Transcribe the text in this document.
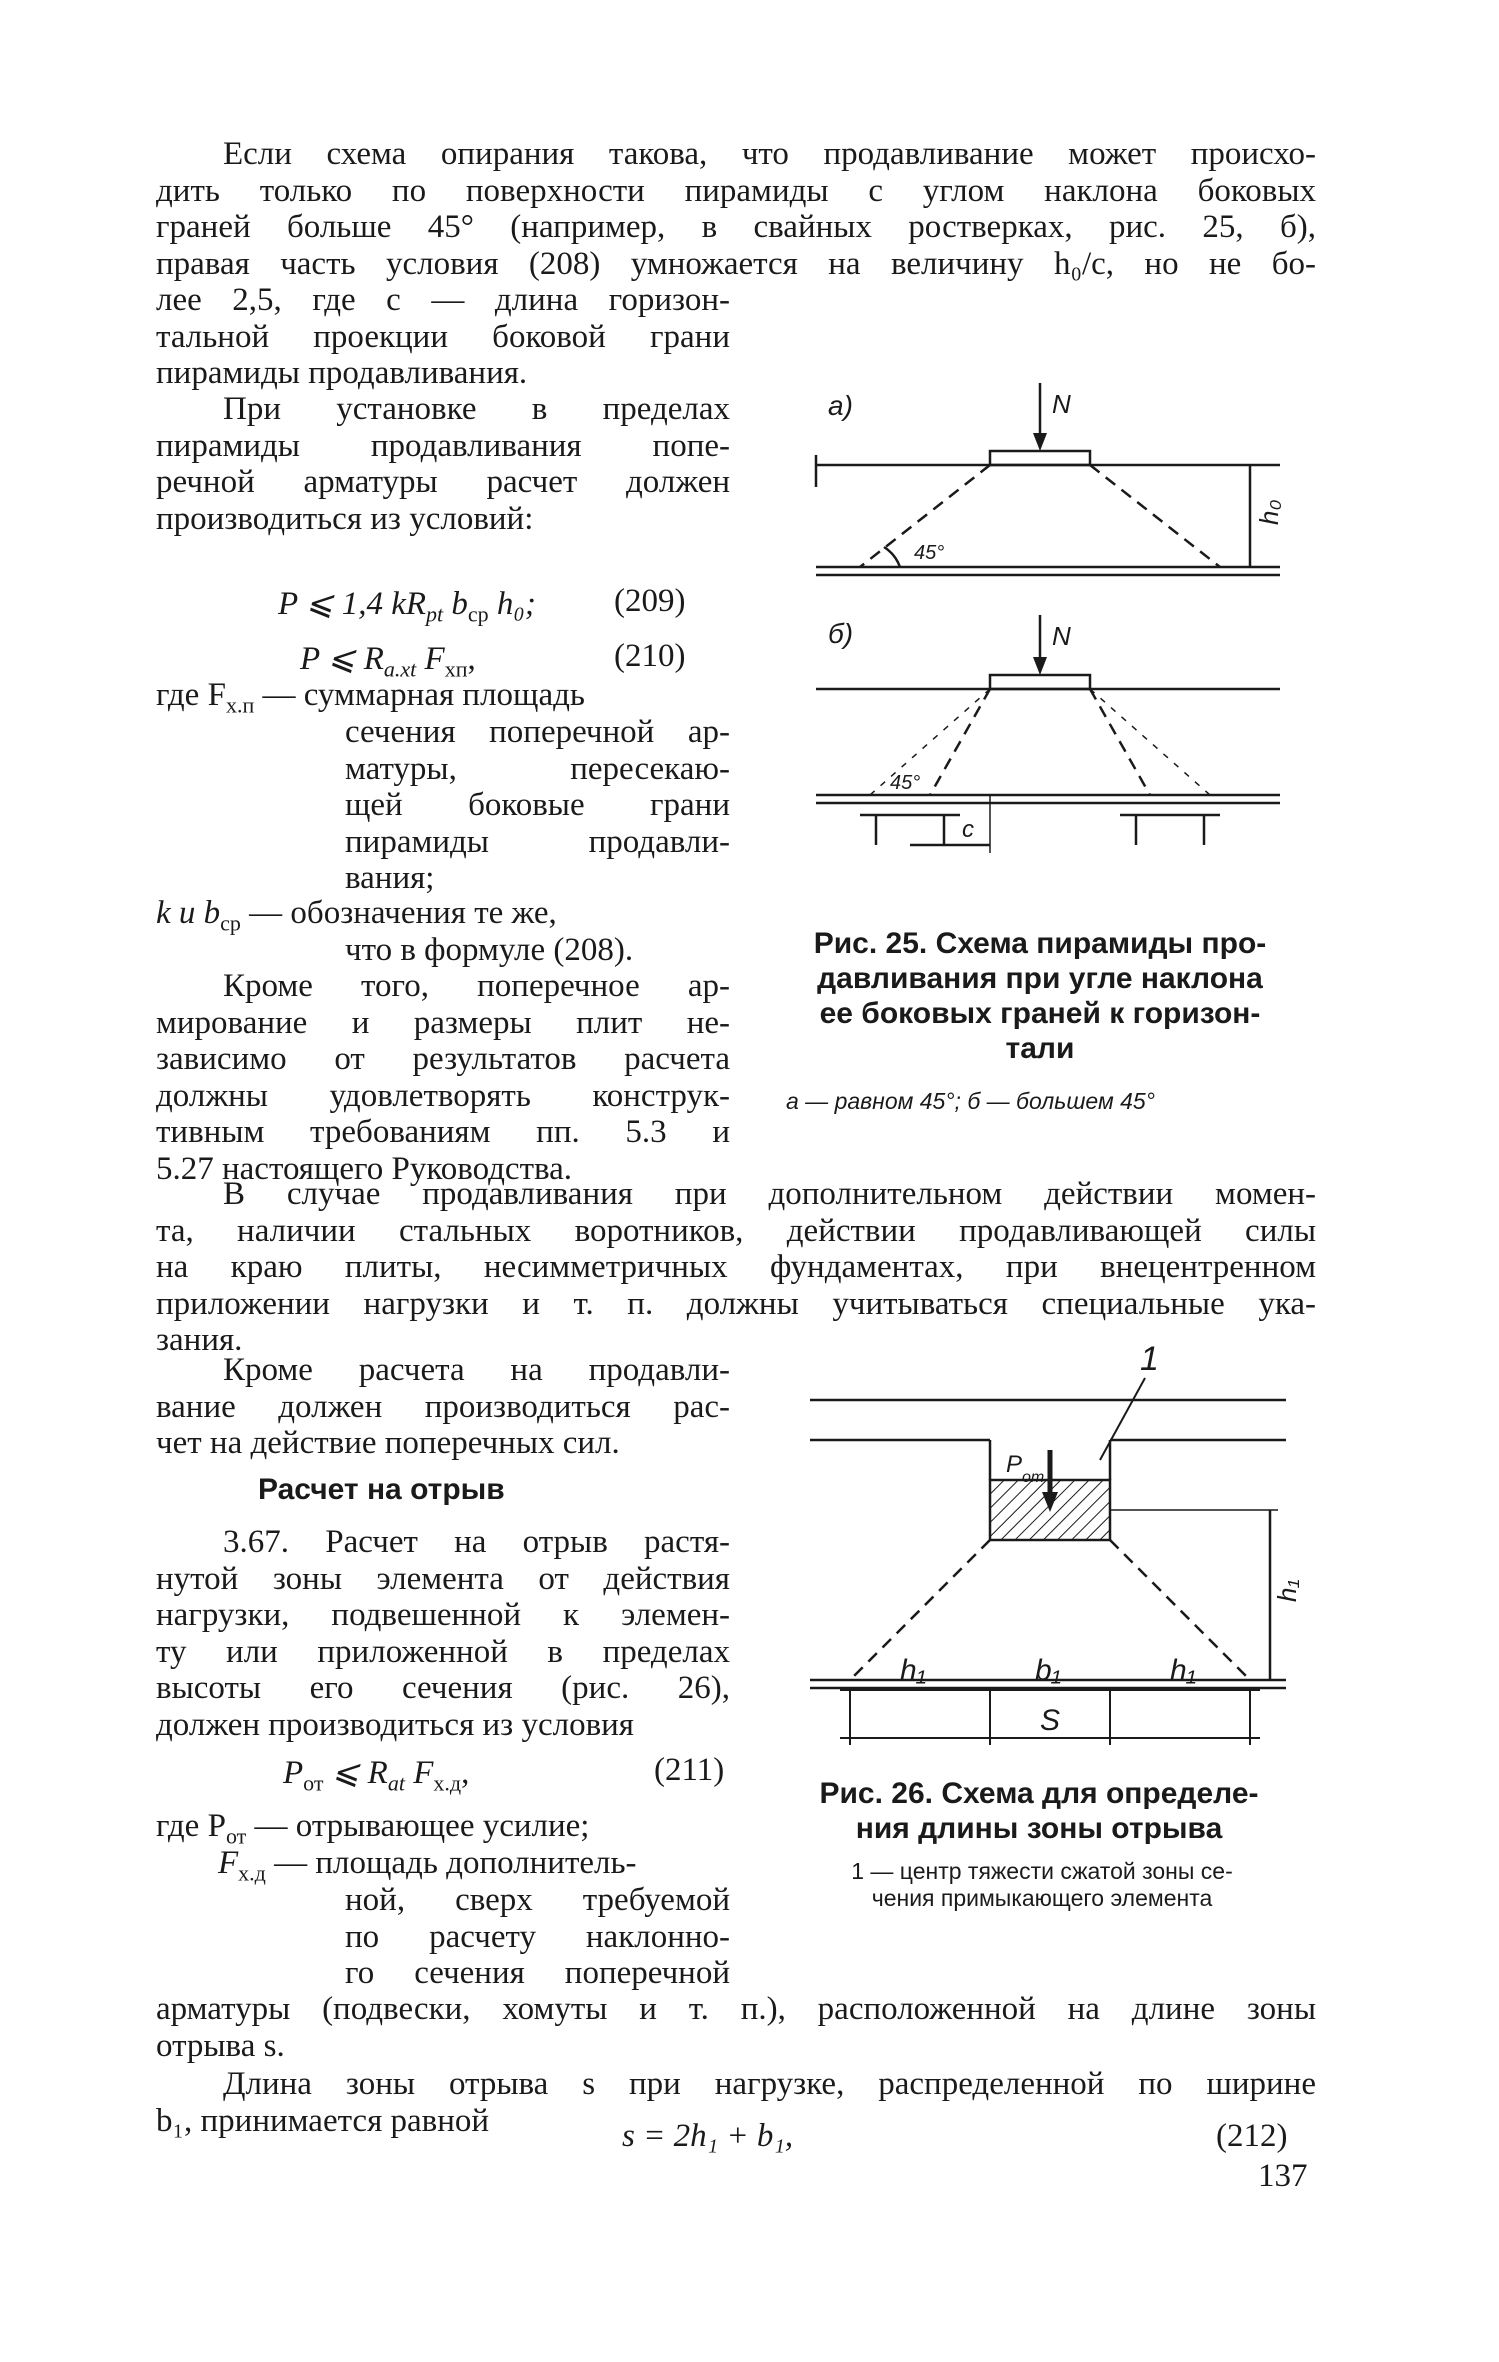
Если схема опирания такова, что продавливание может происхо-
дить только по поверхности пирамиды с углом наклона боковых
граней больше 45° (например, в свайных ростверках, рис. 25, б),
правая часть условия (208) умножается на величину h₀/c, но не бо-
лее 2,5, где c — длина горизон-
тальной проекции боковой грани
пирамиды продавливания.
При установке в пределах
пирамиды продавливания попе-
речной арматуры расчет должен
производиться из условий:
P ⩽ 1,4 $kR_{pt}$ $b_{cp}$ h₀; (209)
P ⩽ $R_{a.xt}$ $F_{хп}$,	(210)
где $F_{x.п}$ — суммарная площадь
сечения поперечной ар-
матуры, пересекаю-
щей боковые грани
пирамиды продавли-
вания;
k и $b_{cp}$ — обозначения те же,
что в формуле (208).
Кроме того, поперечное ар-
мирование и размеры плит не-
зависимо от результатов расчета
должны удовлетворять конструк-
тивным требованиям пп. 5.3 и
5.27 настоящего Руководства.
В случае продавливания при дополнительном действии момен-
та, наличии стальных воротников, действии продавливающей силы
на краю плиты, несимметричных фундаментах, при внецентренном
приложении нагрузки и т. п. должны учитываться специальные ука-
зания.
Кроме расчета на продавли-
вание должен производиться рас-
чет на действие поперечных сил.
Расчет на отрыв
3.67. Расчет на отрыв растя-
нутой зоны элемента от действия
нагрузки, подвешенной к элемен-
ту или приложенной в пределах
высоты его сечения (рис. 26),
должен производиться из условия
$P_{от}$ ⩽ $R_{at}$ $F_{x.д}$,	(211)
где $P_{от}$ — отрывающее усилие;
$F_{x.д}$ — площадь дополнитель-
ной, сверх требуемой
по расчету наклонно-
го сечения поперечной
арматуры (подвески, хомуты и т. п.), расположенной на длине зоны
отрыва s.
Длина зоны отрыва s при нагрузке, распределенной по ширине
b₁, принимается равной	s = 2h₁ + b₁,	(212)
137
а)	N
h₀
45°
б)	N
45°
c
Рис. 25. Схема пирамиды про-
давливания при угле наклона
ее боковых граней к горизон-
тали
а — равном 45°; б — большем 45°
1
P от
h₁
h₁	b₁	h₁
S
Рис. 26. Схема для определе-
ния длины зоны отрыва
1 — центр тяжести сжатой зоны се-
чения примыкающего элемента
